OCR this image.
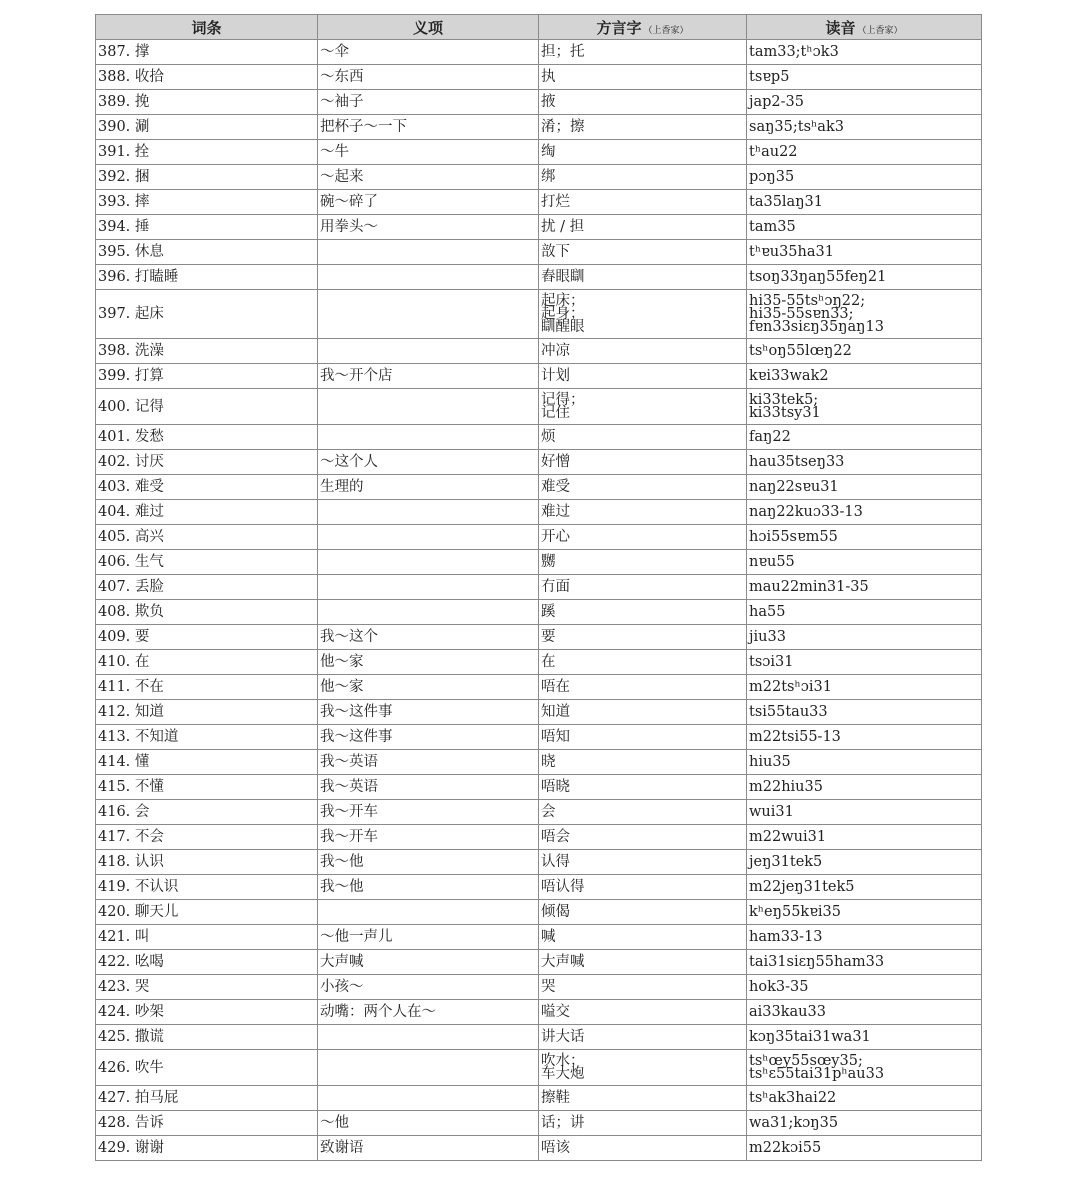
词条	义项	方言字 （上香家）	读音 （上香家）
387. 撑	～伞	担；托	tam33;tʰɔk3
388. 收拾	～东西	执	tsɐp5
389. 挽	～袖子	掖	jap2-35
390. 涮	把杯子～一下	淆；擦	saŋ35;tsʰak3
391. 拴	～牛	绹	tʰau22
392. 捆	～起来	绑	pɔŋ35
393. 摔	碗～碎了	打烂	ta35laŋ31
394. 捶	用拳头～	扰 / 担	tam35
395. 休息		敨下	tʰɐu35ha31
396. 打瞌睡		舂眼瞓	tsoŋ33ŋaŋ55feŋ21
397. 起床		起床；
起身；
瞓醒眼	hi35-55tsʰɔŋ22;
hi35-55sɐn33;
fɐn33siɛŋ35ŋaŋ13
398. 洗澡		冲凉	tsʰoŋ55lœŋ22
399. 打算	我～开个店	计划	kɐi33wak2
400. 记得		记得；
记住	ki33tek5;
ki33tsy31
401. 发愁		烦	faŋ22
402. 讨厌	～这个人	好憎	hau35tseŋ33
403. 难受	生理的	难受	naŋ22sɐu31
404. 难过		难过	naŋ22kuɔ33-13
405. 高兴		开心	hɔi55sɐm55
406. 生气		嬲	nɐu55
407. 丢脸		冇面	mau22min31-35
408. 欺负		蹊	ha55
409. 要	我～这个	要	jiu33
410. 在	他～家	在	tsɔi31
411. 不在	他～家	唔在	m22tsʰɔi31
412. 知道	我～这件事	知道	tsi55tau33
413. 不知道	我～这件事	唔知	m22tsi55-13
414. 懂	我～英语	晓	hiu35
415. 不懂	我～英语	唔晓	m22hiu35
416. 会	我～开车	会	wui31
417. 不会	我～开车	唔会	m22wui31
418. 认识	我～他	认得	jeŋ31tek5
419. 不认识	我～他	唔认得	m22jeŋ31tek5
420. 聊天儿		倾偈	kʰeŋ55kɐi35
421. 叫	～他一声儿	喊	ham33-13
422. 吆喝	大声喊	大声喊	tai31siɛŋ55ham33
423. 哭	小孩～	哭	hok3-35
424. 吵架	动嘴：两个人在～	嗌交	ai33kau33
425. 撒谎		讲大话	kɔŋ35tai31wa31
426. 吹牛		吹水；
车大炮	tsʰœy55sœy35;
tsʰɛ55tai31pʰau33
427. 拍马屁		擦鞋	tsʰak3hai22
428. 告诉	～他	话；讲	wa31;kɔŋ35
429. 谢谢	致谢语	唔该	m22kɔi55
